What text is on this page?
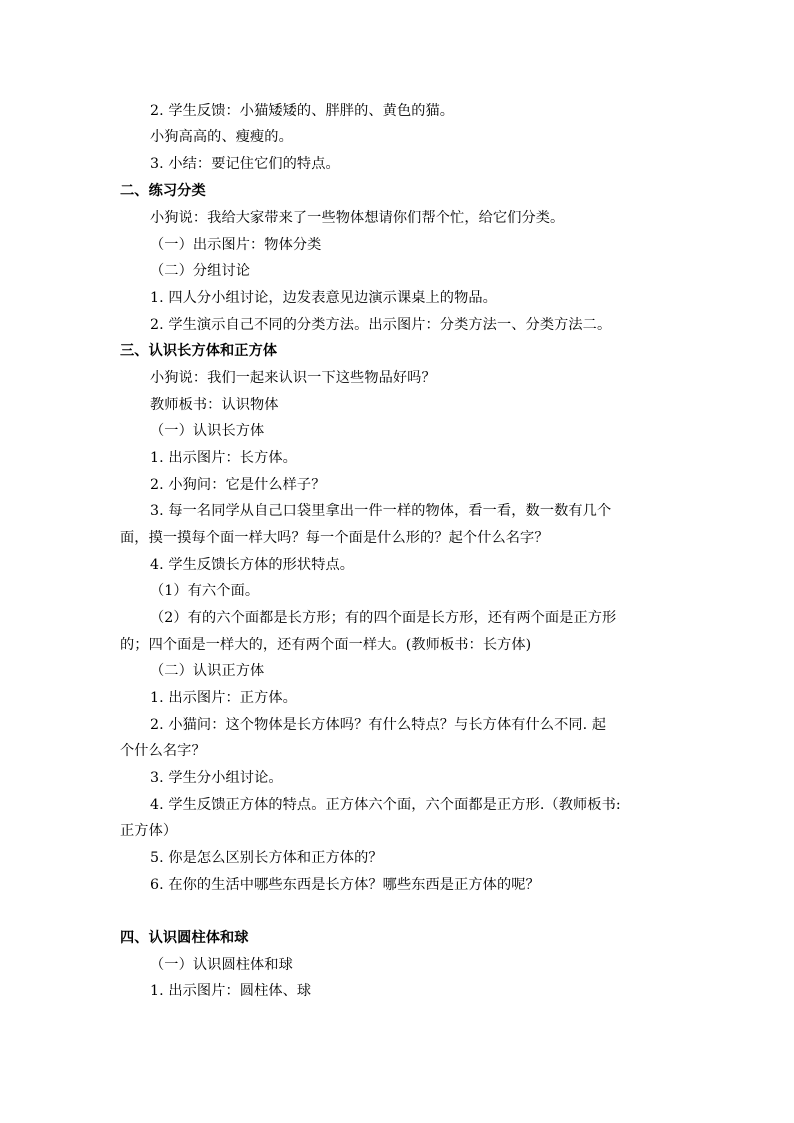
2. 学生反馈：小猫矮矮的、胖胖的、黄色的猫。
小狗高高的、瘦瘦的。
3. 小结：要记住它们的特点。
二、练习分类
小狗说：我给大家带来了一些物体想请你们帮个忙，给它们分类。
（一）出示图片：物体分类
（二）分组讨论
1. 四人分小组讨论，边发表意见边演示课桌上的物品。
2. 学生演示自己不同的分类方法。出示图片：分类方法一、分类方法二。
三、认识长方体和正方体
小狗说：我们一起来认识一下这些物品好吗？
教师板书：认识物体
（一）认识长方体
1. 出示图片：长方体。
2. 小狗问：它是什么样子？
3. 每一名同学从自己口袋里拿出一件一样的物体，看一看，数一数有几个
面，摸一摸每个面一样大吗？每一个面是什么形的？起个什么名字？
4. 学生反馈长方体的形状特点。
（1）有六个面。
（2）有的六个面都是长方形；有的四个面是长方形，还有两个面是正方形
的；四个面是一样大的，还有两个面一样大。(教师板书：长方体)
（二）认识正方体
1. 出示图片：正方体。
2. 小猫问：这个物体是长方体吗？有什么特点？与长方体有什么不同. 起
个什么名字？
3. 学生分小组讨论。
4. 学生反馈正方体的特点。正方体六个面，六个面都是正方形.（教师板书:
正方体）
5. 你是怎么区别长方体和正方体的？
6. 在你的生活中哪些东西是长方体？哪些东西是正方体的呢？
四、认识圆柱体和球
（一）认识圆柱体和球
1. 出示图片：圆柱体、球
